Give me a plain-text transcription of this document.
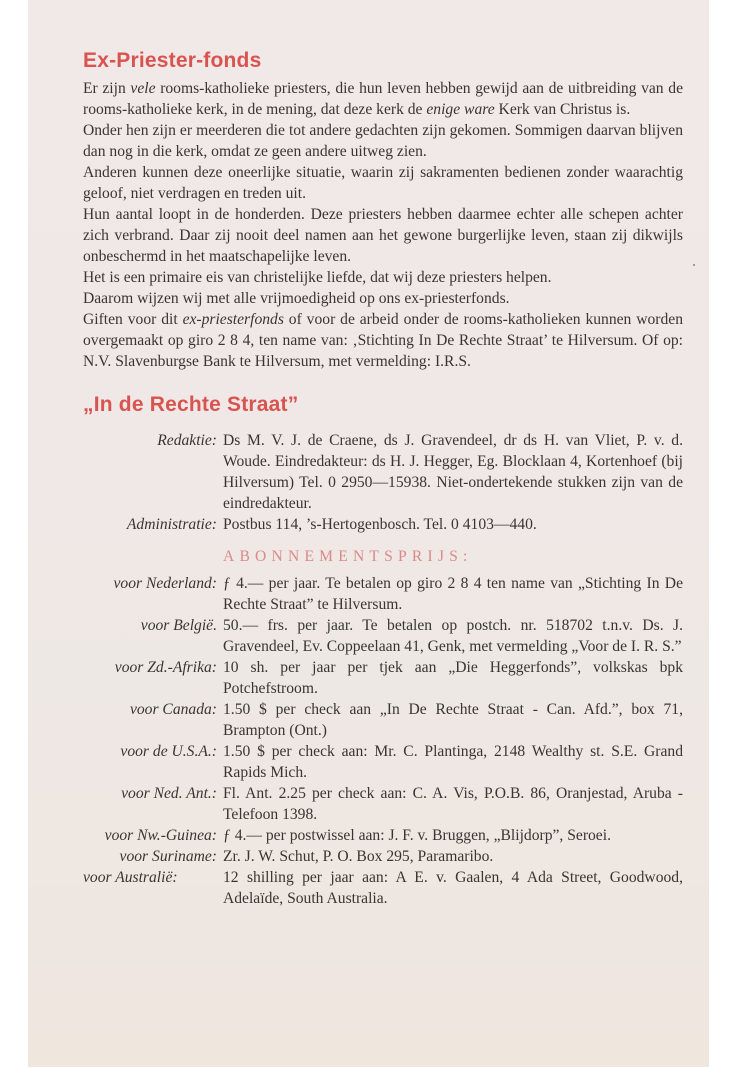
Ex-Priester-fonds

Er zijn vele rooms-katholieke priesters, die hun leven hebben gewijd aan de uitbreiding van de rooms-katholieke kerk, in de mening, dat deze kerk de enige ware Kerk van Christus is.

Onder hen zijn er meerderen die tot andere gedachten zijn gekomen. Sommigen daarvan blijven dan nog in die kerk, omdat ze geen andere uitweg zien.

Anderen kunnen deze oneerlijke situatie, waarin zij sakramenten bedienen zonder waarachtig geloof, niet verdragen en treden uit.

Hun aantal loopt in de honderden. Deze priesters hebben daarmee echter alle schepen achter zich verbrand. Daar zij nooit deel namen aan het gewone burgerlijke leven, staan zij dikwijls onbeschermd in het maatschapelijke leven.

Het is een primaire eis van christelijke liefde, dat wij deze priesters helpen.

Daarom wijzen wij met alle vrijmoedigheid op ons ex-priesterfonds.

Giften voor dit ex-priesterfonds of voor de arbeid onder de rooms-katholieken kunnen worden overgemaakt op giro 2 8 4, ten name van: ‚Stichting In De Rechte Straat’ te Hilversum. Of op: N.V. Slavenburgse Bank te Hilversum, met vermelding: I.R.S.

„In de Rechte Straat”
Redaktie: Ds M. V. J. de Craene, ds J. Gravendeel, dr ds H. van Vliet, P. v. d. Woude. Eindredakteur: ds H. J. Hegger, Eg. Blocklaan 4, Kortenhoef (bij Hilversum) Tel. 0 2950—15938. Niet-ondertekende stukken zijn van de eindredakteur.
Administratie: Postbus 114, ’s-Hertogenbosch. Tel. 0 4103—440.
ABONNEMENTSPRIJS:
voor Nederland: ƒ 4.— per jaar. Te betalen op giro 2 8 4 ten name van „Stichting In De Rechte Straat” te Hilversum.
voor België. 50.— frs. per jaar. Te betalen op postch. nr. 518702 t.n.v. Ds. J. Gravendeel, Ev. Coppeelaan 41, Genk, met vermelding „Voor de I. R. S.”
voor Zd.-Afrika: 10 sh. per jaar per tjek aan „Die Heggerfonds”, volkskas bpk Potchefstroom.
voor Canada: 1.50 $ per check aan „In De Rechte Straat - Can. Afd.”, box 71, Brampton (Ont.)
voor de U.S.A.: 1.50 $ per check aan: Mr. C. Plantinga, 2148 Wealthy st. S.E. Grand Rapids Mich.
voor Ned. Ant.: Fl. Ant. 2.25 per check aan: C. A. Vis, P.O.B. 86, Oranjestad, Aruba - Telefoon 1398.
voor Nw.-Guinea: ƒ 4.— per postwissel aan: J. F. v. Bruggen, „Blijdorp”, Seroei.
voor Suriname: Zr. J. W. Schut, P. O. Box 295, Paramaribo.
voor Australië:	12 shilling per jaar aan: A E. v. Gaalen, 4 Ada Street, Goodwood, Adelaïde, South Australia.
